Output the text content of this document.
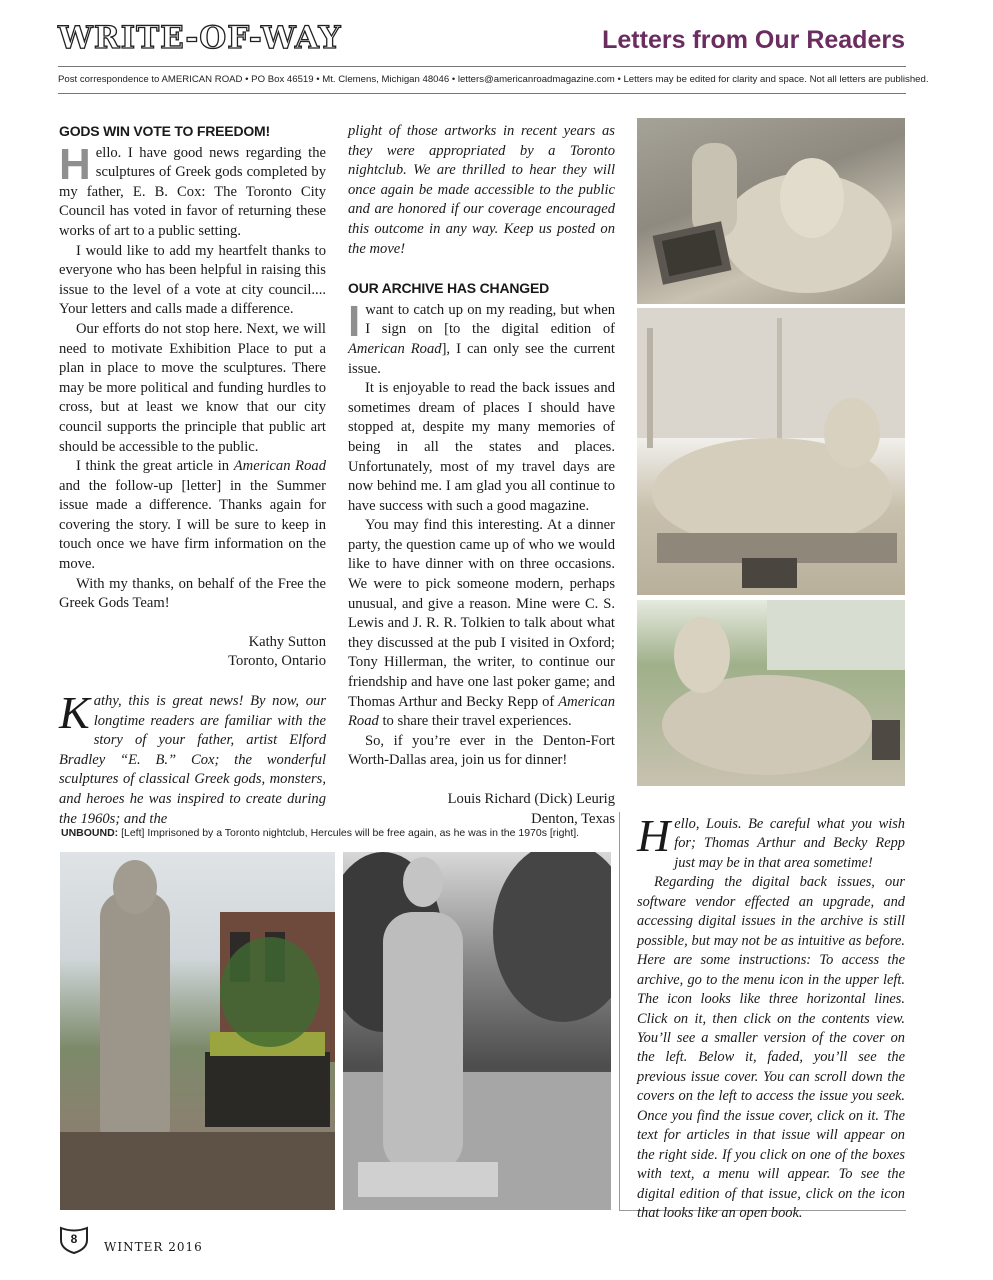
WRITE-OF-WAY	Letters from Our Readers
Post correspondence to AMERICAN ROAD • PO Box 46519 • Mt. Clemens, Michigan 48046 • letters@americanroadmagazine.com • Letters may be edited for clarity and space. Not all letters are published.
GODS WIN VOTE TO FREEDOM!

Hello. I have good news regarding the sculptures of Greek gods completed by my father, E. B. Cox: The Toronto City Council has voted in favor of returning these works of art to a public setting.

I would like to add my heartfelt thanks to everyone who has been helpful in raising this issue to the level of a vote at city council.... Your letters and calls made a difference.

Our efforts do not stop here. Next, we will need to motivate Exhibition Place to put a plan in place to move the sculptures. There may be more political and funding hurdles to cross, but at least we know that our city council supports the principle that public art should be accessible to the public.

I think the great article in American Road and the follow-up [letter] in the Summer issue made a difference. Thanks again for covering the story. I will be sure to keep in touch once we have firm information on the move.

With my thanks, on behalf of the Free the Greek Gods Team!

Kathy Sutton

Toronto, Ontario

Kathy, this is great news! By now, our longtime readers are familiar with the story of your father, artist Elford Bradley “E. B.” Cox; the wonderful sculptures of classical Greek gods, monsters, and heroes he was inspired to create during the 1960s; and the

plight of those artworks in recent years as they were appropriated by a Toronto nightclub. We are thrilled to hear they will once again be made accessible to the public and are honored if our coverage encouraged this outcome in any way. Keep us posted on the move!

OUR ARCHIVE HAS CHANGED

Iwant to catch up on my reading, but when I sign on [to the digital edition of American Road], I can only see the current issue.

It is enjoyable to read the back issues and sometimes dream of places I should have stopped at, despite my many memories of being in all the states and places. Unfortunately, most of my travel days are now behind me. I am glad you all continue to have success with such a good magazine.

You may find this interesting. At a dinner party, the question came up of who we would like to have dinner with on three occasions. We were to pick someone modern, perhaps unusual, and give a reason. Mine were C. S. Lewis and J. R. R. Tolkien to talk about what they discussed at the pub I visited in Oxford; Tony Hillerman, the writer, to continue our friendship and have one last poker game; and Thomas Arthur and Becky Repp of American Road to share their travel experiences.

So, if you’re ever in the Denton-Fort Worth-Dallas area, join us for dinner!

Louis Richard (Dick) Leurig

Denton, Texas

UNBOUND: [Left] Imprisoned by a Toronto nightclub, Hercules will be free again, as he was in the 1970s [right].	Hello, Louis. Be careful what you wish for; Thomas Arthur and Becky Repp just may be in that area sometime!

Regarding the digital back issues, our software vendor effected an upgrade, and accessing digital issues in the archive is still possible, but may not be as intuitive as before. Here are some instructions: To access the archive, go to the menu icon in the upper left. The icon looks like three horizontal lines. Click on it, then click on the contents view. You’ll see a smaller version of the cover on the left. Below it, faded, you’ll see the previous issue cover. You can scroll down the covers on the left to access the issue you seek. Once you find the issue cover, click on it. The text for articles in that issue will appear on the right side. If you click on one of the boxes with text, a menu will appear. To see the digital edition of that issue, click on the icon that looks like an open book.

8
WINTER 2016
